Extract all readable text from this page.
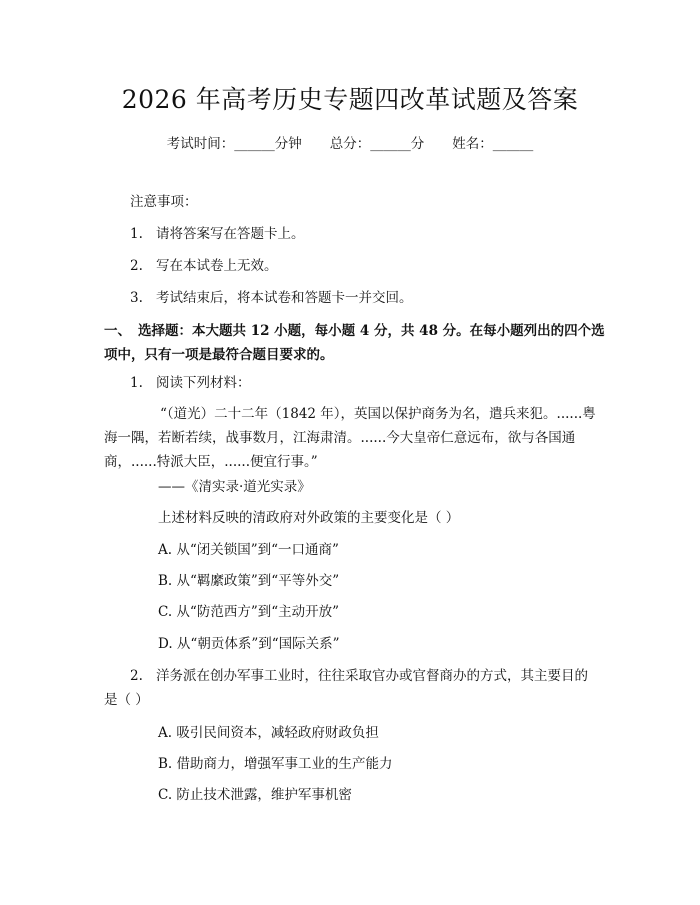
2026 年高考历史专题四改革试题及答案
考试时间：______分钟 总分：______分 姓名：______
注意事项：
1. 请将答案写在答题卡上。
2. 写在本试卷上无效。
3. 考试结束后，将本试卷和答题卡一并交回。
一、 选择题：本大题共 12 小题，每小题 4 分，共 48 分。在每小题列出的四个选
项中，只有一项是最符合题目要求的。
1. 阅读下列材料：
“（道光）二十二年（1842 年），英国以保护商务为名，遣兵来犯。......粤海一隅，若断若续，战事数月，江海肃清。......今大皇帝仁意远布，欲与各国通商，......特派大臣，......便宜行事。”
——《清实录·道光实录》
上述材料反映的清政府对外政策的主要变化是（ ）
A. 从“闭关锁国”到“一口通商”
B. 从“羁縻政策”到“平等外交”
C. 从“防范西方”到“主动开放”
D. 从“朝贡体系”到“国际关系”
2. 洋务派在创办军事工业时，往往采取官办或官督商办的方式，其主要目的是（ ）
A. 吸引民间资本，减轻政府财政负担
B. 借助商力，增强军事工业的生产能力
C. 防止技术泄露，维护军事机密
